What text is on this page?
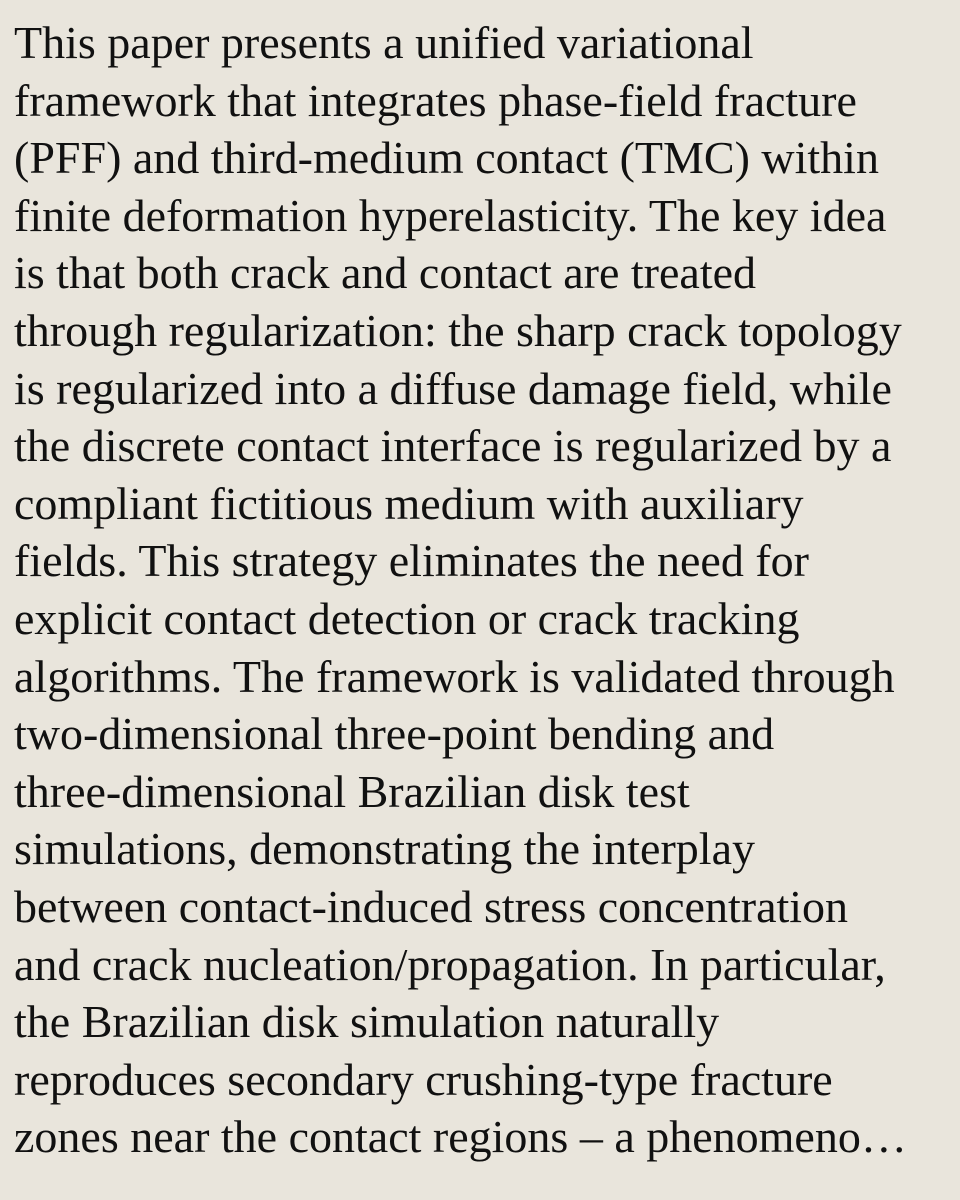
This paper presents a unified variational
framework that integrates phase-field fracture
(PFF) and third-medium contact (TMC) within
finite deformation hyperelasticity. The key idea
is that both crack and contact are treated
through regularization: the sharp crack topology
is regularized into a diffuse damage field, while
the discrete contact interface is regularized by a
compliant fictitious medium with auxiliary
fields. This strategy eliminates the need for
explicit contact detection or crack tracking
algorithms. The framework is validated through
two-dimensional three-point bending and
three-dimensional Brazilian disk test
simulations, demonstrating the interplay
between contact-induced stress concentration
and crack nucleation/propagation. In particular,
the Brazilian disk simulation naturally
reproduces secondary crushing-type fracture
zones near the contact regions – a phenomeno…
